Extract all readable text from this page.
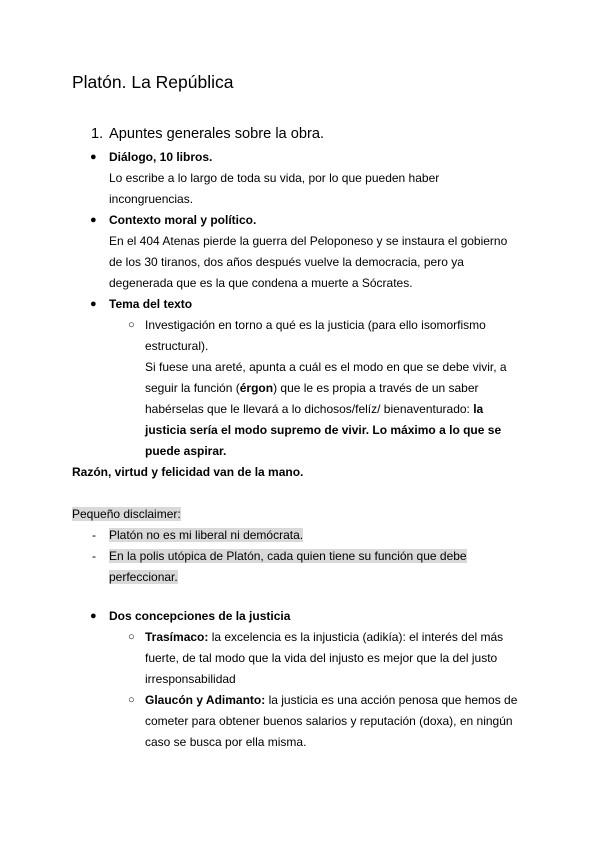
Platón. La República
1. Apuntes generales sobre la obra.
● Diálogo, 10 libros.
Lo escribe a lo largo de toda su vida, por lo que pueden haber
incongruencias.
● Contexto moral y político.
En el 404 Atenas pierde la guerra del Peloponeso y se instaura el gobierno
de los 30 tiranos, dos años después vuelve la democracia, pero ya
degenerada que es la que condena a muerte a Sócrates.
● Tema del texto
○ Investigación en torno a qué es la justicia (para ello isomorfismo
estructural).
Si fuese una areté, apunta a cuál es el modo en que se debe vivir, a
seguir la función (érgon) que le es propia a través de un saber
habérselas que le llevará a lo dichosos/felíz/ bienaventurado: la
justicia sería el modo supremo de vivir. Lo máximo a lo que se
puede aspirar.
Razón, virtud y felicidad van de la mano.
Pequeño disclaimer:
- Platón no es mi liberal ni demócrata.
- En la polis utópica de Platón, cada quien tiene su función que debe
perfeccionar.
● Dos concepciones de la justicia
○ Trasímaco: la excelencia es la injusticia (adikía): el interés del más
fuerte, de tal modo que la vida del injusto es mejor que la del justo
irresponsabilidad
○ Glaucón y Adimanto: la justicia es una acción penosa que hemos de
cometer para obtener buenos salarios y reputación (doxa), en ningún
caso se busca por ella misma.
